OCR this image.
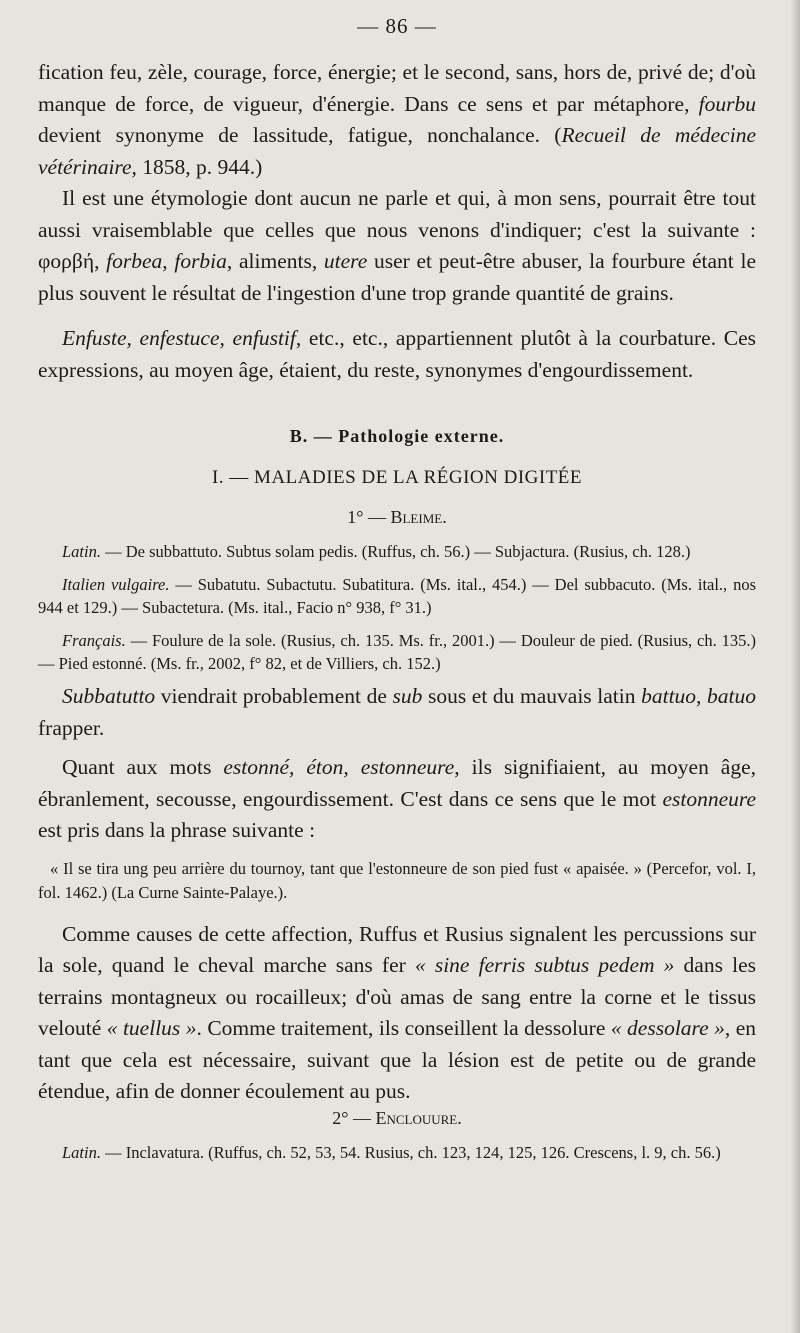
— 86 —

fication feu, zèle, courage, force, énergie; et le second, sans, hors de, privé de; d'où manque de force, de vigueur, d'énergie. Dans ce sens et par métaphore, fourbu devient synonyme de lassitude, fatigue, nonchalance. (Recueil de médecine vétérinaire, 1858, p. 944.)

Il est une étymologie dont aucun ne parle et qui, à mon sens, pourrait être tout aussi vraisemblable que celles que nous venons d'indiquer; c'est la suivante : φορβή, forbea, forbia, aliments, utere user et peut-être abuser, la fourbure étant le plus souvent le résultat de l'ingestion d'une trop grande quantité de grains.

Enfuste, enfestuce, enfustif, etc., etc., appartiennent plutôt à la courbature. Ces expressions, au moyen âge, étaient, du reste, synonymes d'engourdissement.

B. — Pathologie externe.
I. — MALADIES DE LA RÉGION DIGITÉE
1° — Bleime.

Latin. — De subbattuto. Subtus solam pedis. (Ruffus, ch. 56.) — Subjactura. (Rusius, ch. 128.)

Italien vulgaire. — Subatutu. Subactutu. Subatitura. (Ms. ital., 454.) — Del subbacuto. (Ms. ital., nos 944 et 129.) — Subactetura. (Ms. ital., Facio n° 938, f° 31.)

Français. — Foulure de la sole. (Rusius, ch. 135. Ms. fr., 2001.) — Douleur de pied. (Rusius, ch. 135.) — Pied estonné. (Ms. fr., 2002, f° 82, et de Villiers, ch. 152.)

Subbatutto viendrait probablement de sub sous et du mauvais latin battuo, batuo frapper.

Quant aux mots estonné, éton, estonneure, ils signifiaient, au moyen âge, ébranlement, secousse, engourdissement. C'est dans ce sens que le mot estonneure est pris dans la phrase suivante :

« Il se tira ung peu arrière du tournoy, tant que l'estonneure de son pied fust « apaisée. » (Percefor, vol. I, fol. 1462.) (La Curne Sainte-Palaye.).

Comme causes de cette affection, Ruffus et Rusius signalent les percussions sur la sole, quand le cheval marche sans fer « sine ferris subtus pedem » dans les terrains montagneux ou rocailleux; d'où amas de sang entre la corne et le tissus velouté « tuellus ». Comme traitement, ils conseillent la dessolure « dessolare », en tant que cela est nécessaire, suivant que la lésion est de petite ou de grande étendue, afin de donner écoulement au pus.

2° — Enclouure.

Latin. — Inclavatura. (Ruffus, ch. 52, 53, 54. Rusius, ch. 123, 124, 125, 126. Crescens, l. 9, ch. 56.)
